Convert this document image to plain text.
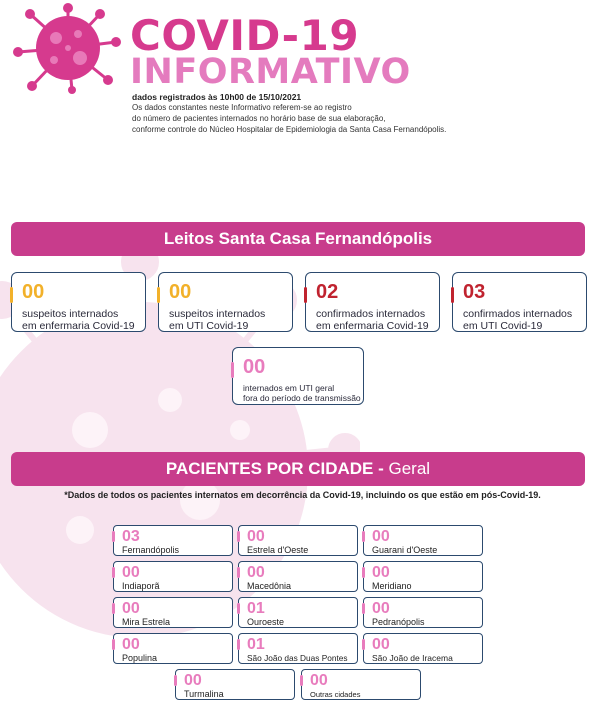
COVID-19
INFORMATIVO
dados registrados às 10h00 de 15/10/2021
Os dados constantes neste Informativo referem-se ao registro
do número de pacientes internados no horário base de sua elaboração,
conforme controle do Núcleo Hospitalar de Epidemiologia da Santa Casa Fernandópolis.
Leitos Santa Casa Fernandópolis
00
suspeitos internados
em enfermaria Covid-19
00
suspeitos internados
em UTI Covid-19
02
confirmados internados
em enfermaria Covid-19
03
confirmados internados
em UTI Covid-19
00
internados em UTI geral
fora do período de transmissão
PACIENTES POR CIDADE - Geral
*Dados de todos os pacientes internatos em decorrência da Covid-19, incluindo os que estão em pós-Covid-19.
03
Fernandópolis
00
Estrela d'Oeste
00
Guarani d'Oeste
00
Indiaporã
00
Macedônia
00
Meridiano
00
Mira Estrela
01
Ouroeste
00
Pedranópolis
00
Populina
01
São João das Duas Pontes
00
São João de Iracema
00
Turmalina
00
Outras cidades
